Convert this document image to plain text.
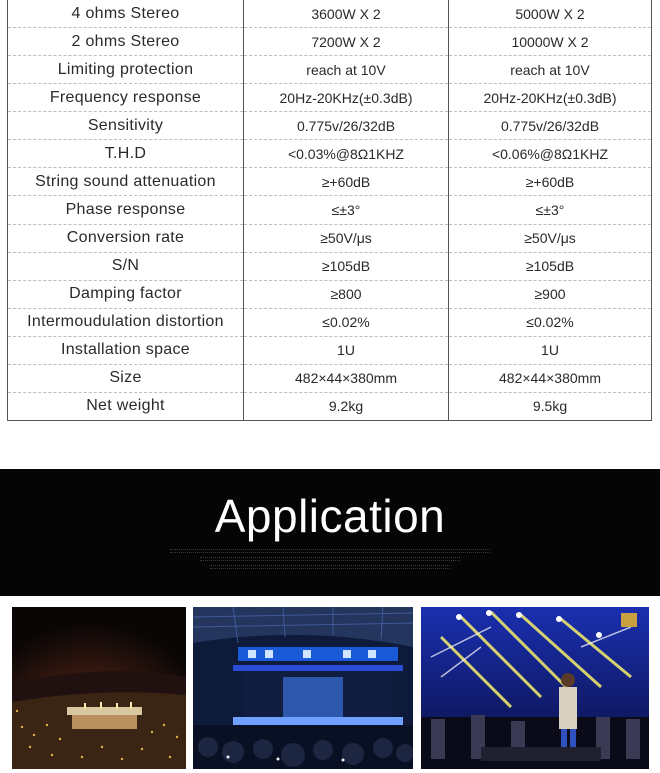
4 ohms Stereo	3600W X 2	5000W X 2
2 ohms Stereo	7200W X 2	10000W X 2
Limiting protection	reach at 10V	reach at 10V
Frequency response	20Hz-20KHz(±0.3dB)	20Hz-20KHz(±0.3dB)
Sensitivity	0.775v/26/32dB	0.775v/26/32dB
T.H.D	<0.03%@8Ω1KHZ	<0.06%@8Ω1KHZ
String sound attenuation	≥+60dB	≥+60dB
Phase response	≤±3°	≤±3°
Conversion rate	≥50V/μs	≥50V/μs
S/N	≥105dB	≥105dB
Damping factor	≥800	≥900
Intermoudulation distortion	≤0.02%	≤0.02%
Installation space	1U	1U
Size	482×44×380mm	482×44×380mm
Net weight	9.2kg	9.5kg
Application
